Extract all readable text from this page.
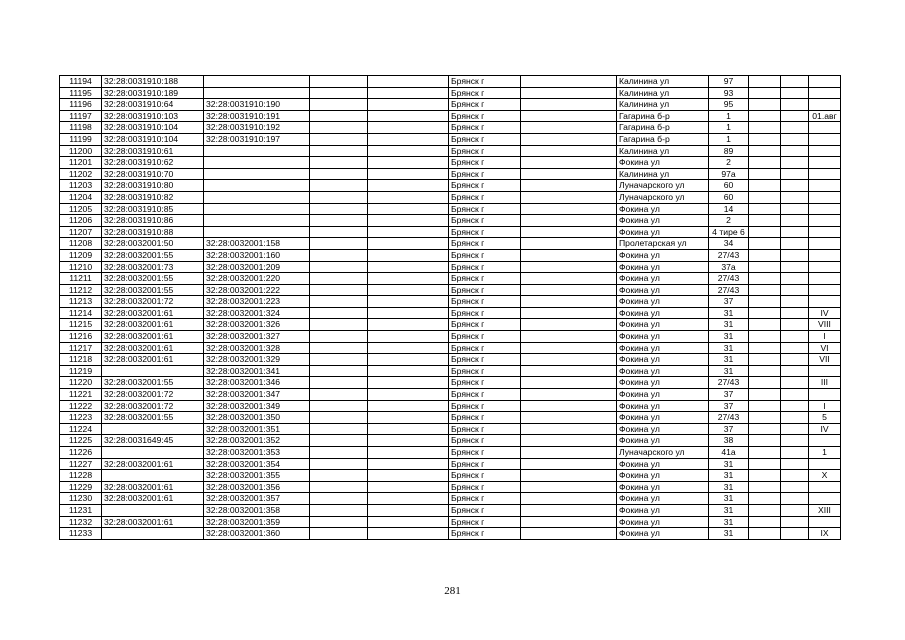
11194	32:28:0031910:188				Брянск г		Калинина ул	97			
11195	32:28:0031910:189				Брянск г		Калинина ул	93			
11196	32:28:0031910:64	32:28:0031910:190			Брянск г		Калинина ул	95			
11197	32:28:0031910:103	32:28:0031910:191			Брянск г		Гагарина б-р	1			01.авг
11198	32:28:0031910:104	32:28:0031910:192			Брянск г		Гагарина б-р	1			
11199	32:28:0031910:104	32:28:0031910:197			Брянск г		Гагарина б-р	1			
11200	32:28:0031910:61				Брянск г		Калинина ул	89			
11201	32:28:0031910:62				Брянск г		Фокина ул	2			
11202	32:28:0031910:70				Брянск г		Калинина ул	97а			
11203	32:28:0031910:80				Брянск г		Луначарского ул	60			
11204	32:28:0031910:82				Брянск г		Луначарского ул	60			
11205	32:28:0031910:85				Брянск г		Фокина ул	14			
11206	32:28:0031910:86				Брянск г		Фокина ул	2			
11207	32:28:0031910:88				Брянск г		Фокина ул	4 тире 6			
11208	32:28:0032001:50	32:28:0032001:158			Брянск г		Пролетарская ул	34			
11209	32:28:0032001:55	32:28:0032001:160			Брянск г		Фокина ул	27/43			
11210	32:28:0032001:73	32:28:0032001:209			Брянск г		Фокина ул	37а			
11211	32:28:0032001:55	32:28:0032001:220			Брянск г		Фокина ул	27/43			
11212	32:28:0032001:55	32:28:0032001:222			Брянск г		Фокина ул	27/43			
11213	32:28:0032001:72	32:28:0032001:223			Брянск г		Фокина ул	37			
11214	32:28:0032001:61	32:28:0032001:324			Брянск г		Фокина ул	31			IV
11215	32:28:0032001:61	32:28:0032001:326			Брянск г		Фокина ул	31			VIII
11216	32:28:0032001:61	32:28:0032001:327			Брянск г		Фокина ул	31			I
11217	32:28:0032001:61	32:28:0032001:328			Брянск г		Фокина ул	31			VI
11218	32:28:0032001:61	32:28:0032001:329			Брянск г		Фокина ул	31			VII
11219		32:28:0032001:341			Брянск г		Фокина ул	31			
11220	32:28:0032001:55	32:28:0032001:346			Брянск г		Фокина ул	27/43			III
11221	32:28:0032001:72	32:28:0032001:347			Брянск г		Фокина ул	37			
11222	32:28:0032001:72	32:28:0032001:349			Брянск г		Фокина ул	37			I
11223	32:28:0032001:55	32:28:0032001:350			Брянск г		Фокина ул	27/43			5
11224		32:28:0032001:351			Брянск г		Фокина ул	37			IV
11225	32:28:0031649:45	32:28:0032001:352			Брянск г		Фокина ул	38			
11226		32:28:0032001:353			Брянск г		Луначарского ул	41а			1
11227	32:28:0032001:61	32:28:0032001:354			Брянск г		Фокина ул	31			
11228		32:28:0032001:355			Брянск г		Фокина ул	31			X
11229	32:28:0032001:61	32:28:0032001:356			Брянск г		Фокина ул	31			
11230	32:28:0032001:61	32:28:0032001:357			Брянск г		Фокина ул	31			
11231		32:28:0032001:358			Брянск г		Фокина ул	31			XIII
11232	32:28:0032001:61	32:28:0032001:359			Брянск г		Фокина ул	31			
11233		32:28:0032001:360			Брянск г		Фокина ул	31			IX
281
